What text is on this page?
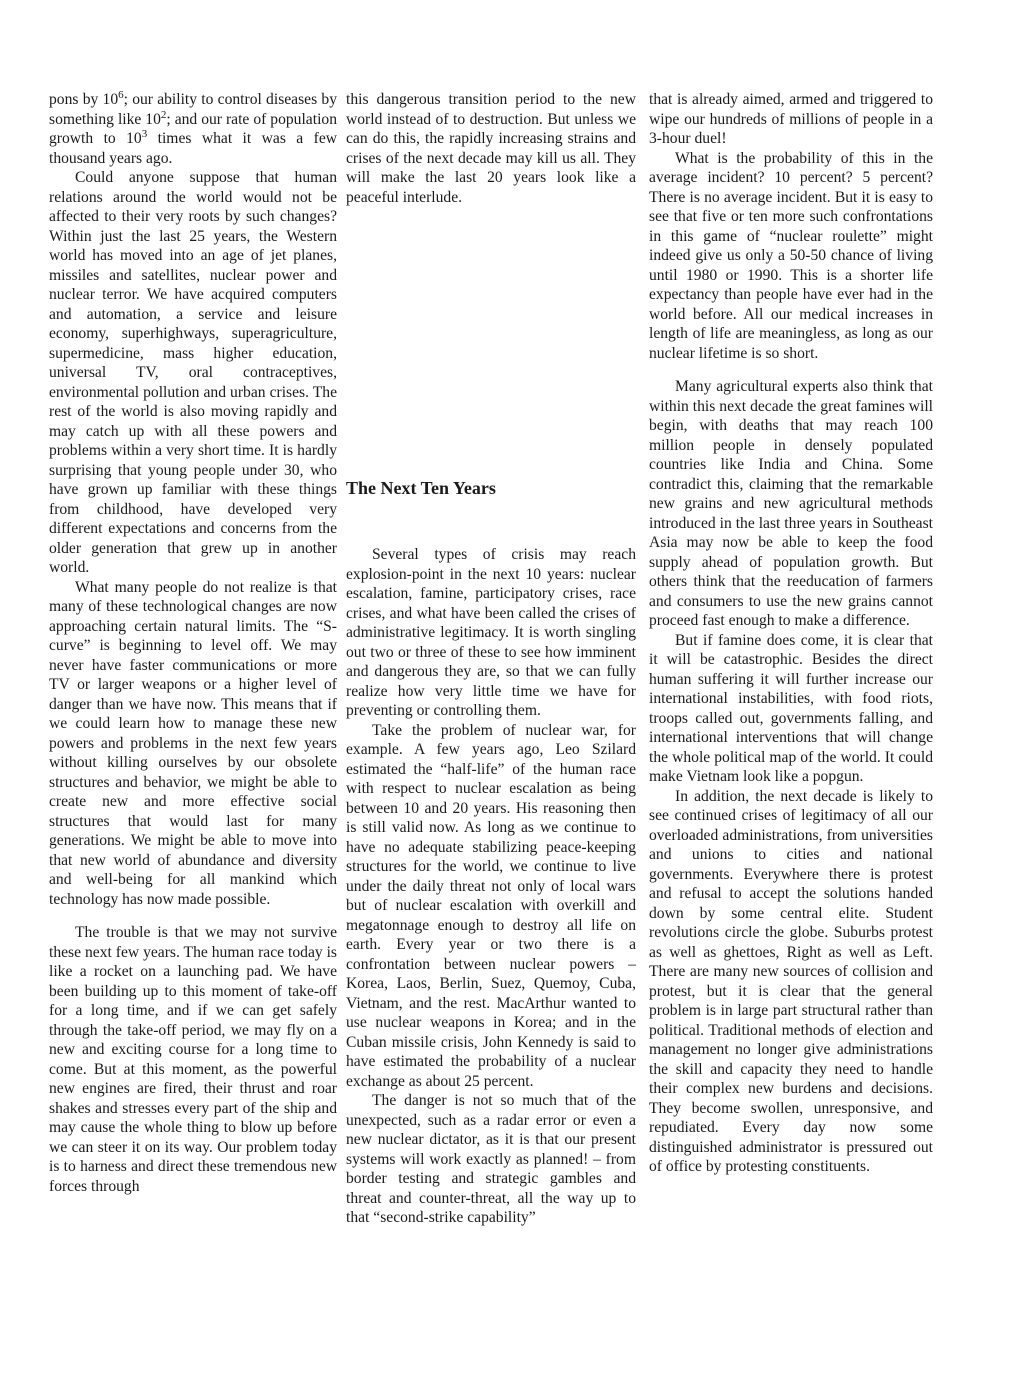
pons by $10^6$; our ability to control diseases by something like $10^2$; and our rate of population growth to $10^3$ times what it was a few thousand years ago.

Could anyone suppose that human relations around the world would not be affected to their very roots by such changes? Within just the last 25 years, the Western world has moved into an age of jet planes, missiles and satellites, nuclear power and nuclear terror. We have acquired computers and automation, a service and leisure economy, superhighways, superagriculture, supermedicine, mass higher education, universal TV, oral contraceptives, environmental pollution and urban crises. The rest of the world is also moving rapidly and may catch up with all these powers and problems within a very short time. It is hardly surprising that young people under 30, who have grown up familiar with these things from childhood, have developed very different expectations and concerns from the older generation that grew up in another world.

What many people do not realize is that many of these technological changes are now approaching certain natural limits. The “S-curve” is beginning to level off. We may never have faster communications or more TV or larger weapons or a higher level of danger than we have now. This means that if we could learn how to manage these new powers and problems in the next few years without killing ourselves by our obsolete structures and behavior, we might be able to create new and more effective social structures that would last for many generations. We might be able to move into that new world of abundance and diversity and well-being for all mankind which technology has now made possible.

The trouble is that we may not survive these next few years. The human race today is like a rocket on a launching pad. We have been building up to this moment of take-off for a long time, and if we can get safely through the take-off period, we may fly on a new and exciting course for a long time to come. But at this moment, as the powerful new engines are fired, their thrust and roar shakes and stresses every part of the ship and may cause the whole thing to blow up before we can steer it on its way. Our problem today is to harness and direct these tremendous new forces through

this dangerous transition period to the new world instead of to destruction. But unless we can do this, the rapidly increasing strains and crises of the next decade may kill us all. They will make the last 20 years look like a peaceful interlude.

The Next Ten Years

Several types of crisis may reach explosion-point in the next 10 years: nuclear escalation, famine, participatory crises, race crises, and what have been called the crises of administrative legitimacy. It is worth singling out two or three of these to see how imminent and dangerous they are, so that we can fully realize how very little time we have for preventing or controlling them.

Take the problem of nuclear war, for example. A few years ago, Leo Szilard estimated the “half-life” of the human race with respect to nuclear escalation as being between 10 and 20 years. His reasoning then is still valid now. As long as we continue to have no adequate stabilizing peace-keeping structures for the world, we continue to live under the daily threat not only of local wars but of nuclear escalation with overkill and megatonnage enough to destroy all life on earth. Every year or two there is a confrontation between nuclear powers – Korea, Laos, Berlin, Suez, Quemoy, Cuba, Vietnam, and the rest. MacArthur wanted to use nuclear weapons in Korea; and in the Cuban missile crisis, John Kennedy is said to have estimated the probability of a nuclear exchange as about 25 percent.

The danger is not so much that of the unexpected, such as a radar error or even a new nuclear dictator, as it is that our present systems will work exactly as planned! – from border testing and strategic gambles and threat and counter-threat, all the way up to that “second-strike capability”

that is already aimed, armed and triggered to wipe our hundreds of millions of people in a 3-hour duel!

What is the probability of this in the average incident? 10 percent? 5 percent? There is no average incident. But it is easy to see that five or ten more such confrontations in this game of “nuclear roulette” might indeed give us only a 50-50 chance of living until 1980 or 1990. This is a shorter life expectancy than people have ever had in the world before. All our medical increases in length of life are meaningless, as long as our nuclear lifetime is so short.

Many agricultural experts also think that within this next decade the great famines will begin, with deaths that may reach 100 million people in densely populated countries like India and China. Some contradict this, claiming that the remarkable new grains and new agricultural methods introduced in the last three years in Southeast Asia may now be able to keep the food supply ahead of population growth. But others think that the reeducation of farmers and consumers to use the new grains cannot proceed fast enough to make a difference.

But if famine does come, it is clear that it will be catastrophic. Besides the direct human suffering it will further increase our international instabilities, with food riots, troops called out, governments falling, and international interventions that will change the whole political map of the world. It could make Vietnam look like a popgun.

In addition, the next decade is likely to see continued crises of legitimacy of all our overloaded administrations, from universities and unions to cities and national governments. Everywhere there is protest and refusal to accept the solutions handed down by some central elite. Student revolutions circle the globe. Suburbs protest as well as ghettoes, Right as well as Left. There are many new sources of collision and protest, but it is clear that the general problem is in large part structural rather than political. Traditional methods of election and management no longer give administrations the skill and capacity they need to handle their complex new burdens and decisions. They become swollen, unresponsive, and repudiated. Every day now some distinguished administrator is pressured out of office by protesting constituents.
